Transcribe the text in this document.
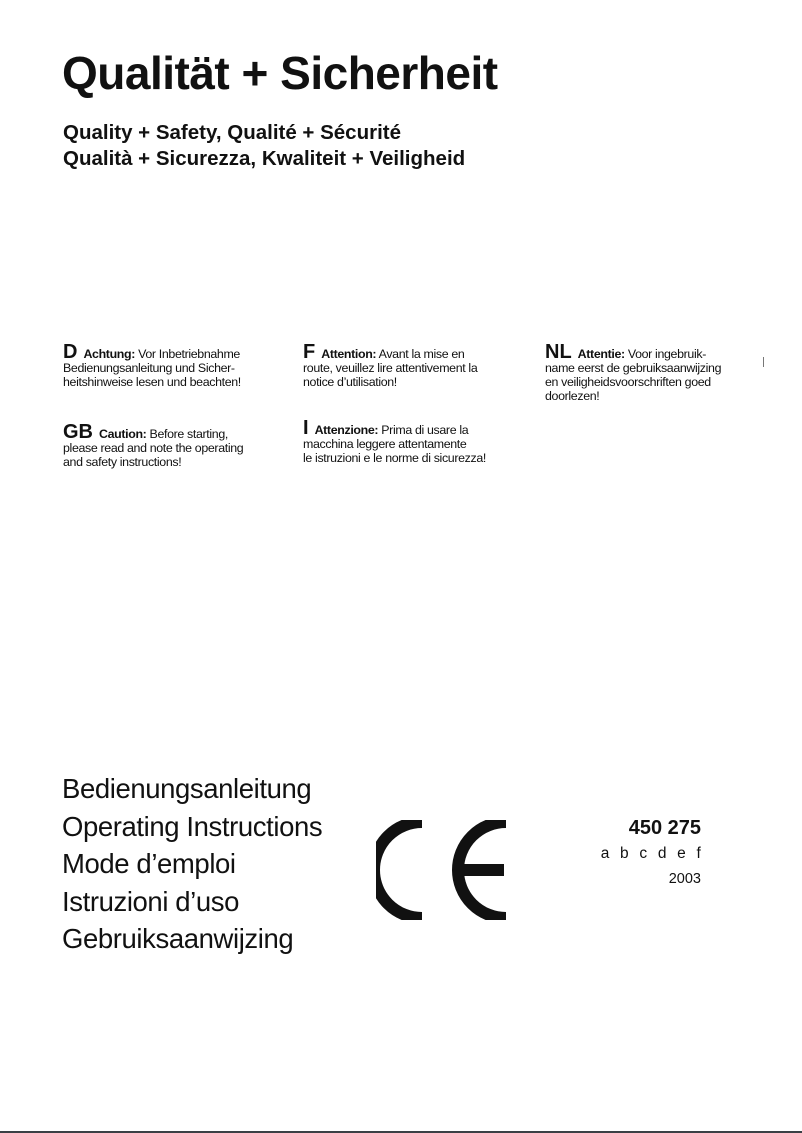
Qualität + Sicherheit
Quality + Safety, Qualité + Sécurité
Qualità + Sicurezza, Kwaliteit + Veiligheid
D Achtung: Vor Inbetriebnahme
Bedienungsanleitung und Sicher-
heitshinweise lesen und beachten!
GB Caution: Before starting,
please read and note the operating
and safety instructions!
F Attention: Avant la mise en
route, veuillez lire attentivement la
notice d’utilisation!
I Attenzione: Prima di usare la
macchina leggere attentamente
le istruzioni e le norme di sicurezza!
NL Attentie: Voor ingebruik-
name eerst de gebruiksaanwijzing
en veiligheidsvoorschriften goed
doorlezen!
Bedienungsanleitung
Operating Instructions
Mode d’emploi
Istruzioni d’uso
Gebruiksaanwijzing
450 275
a b c d e f
2003
